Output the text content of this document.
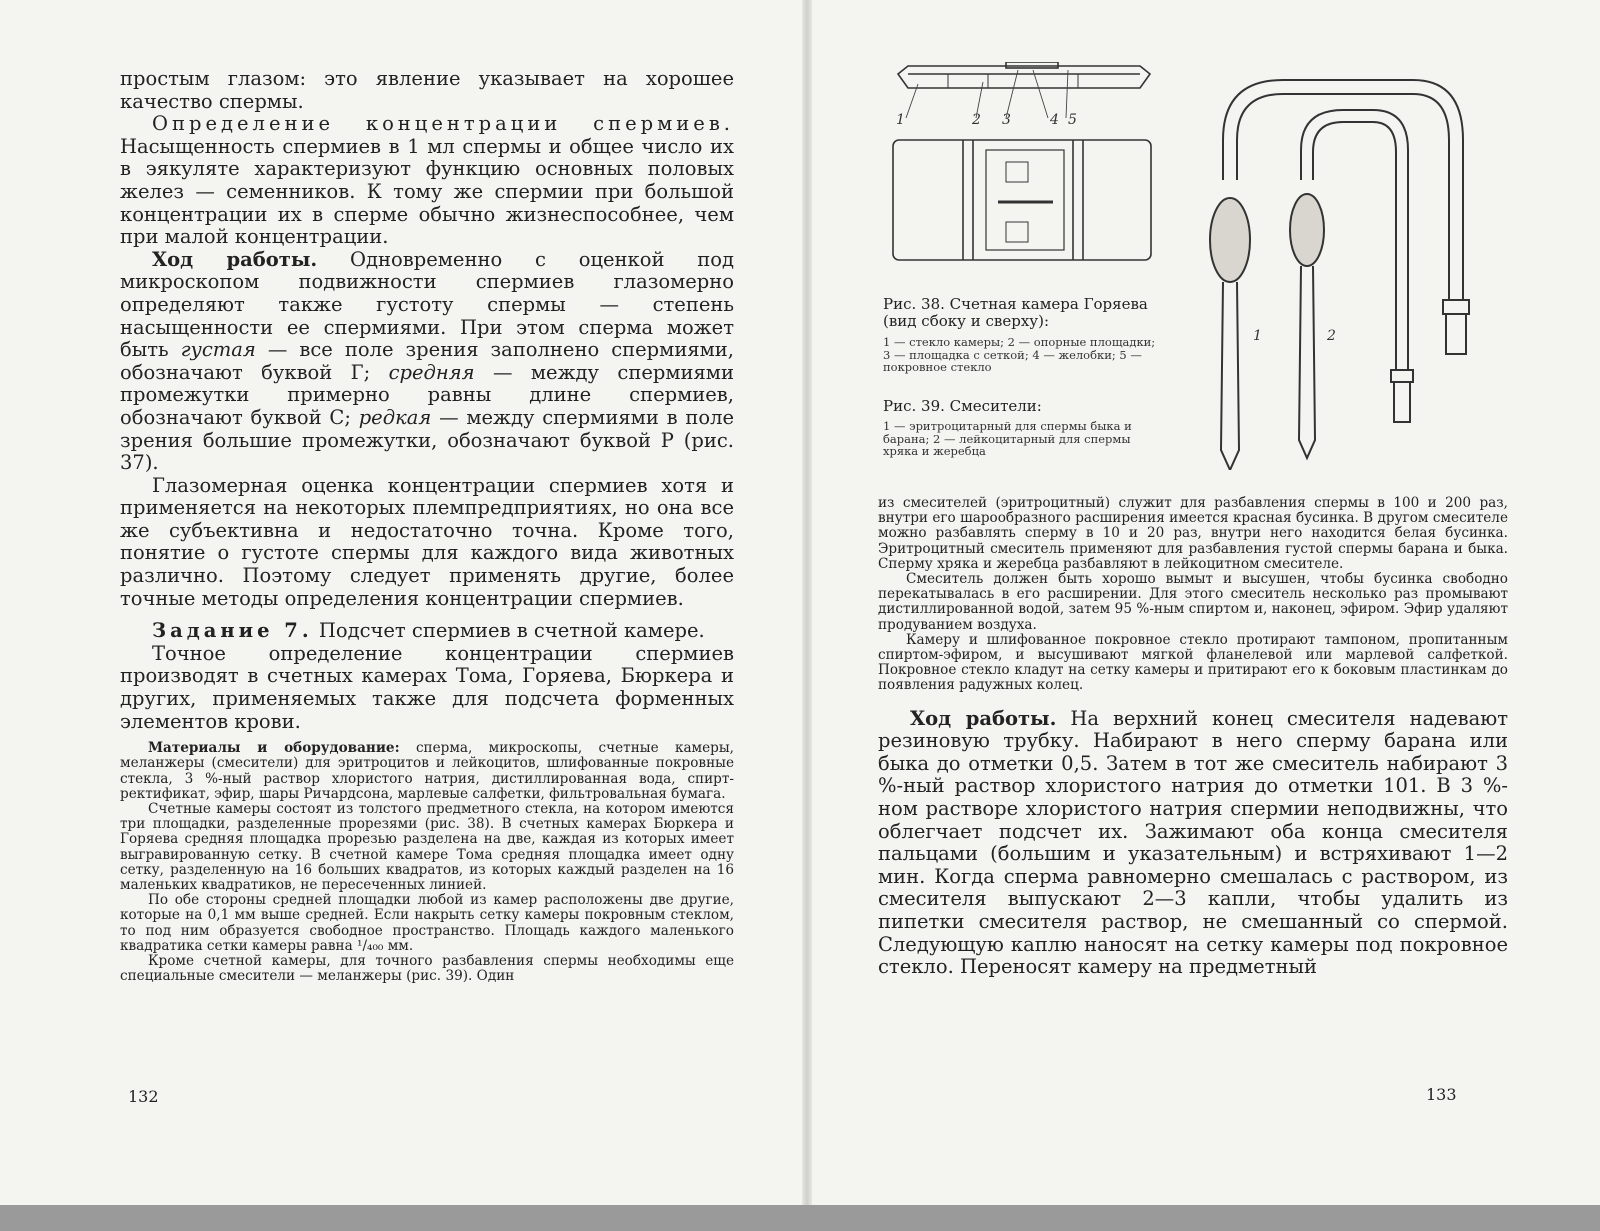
простым глазом: это явление указывает на хорошее качество спермы.

Определение концентрации спермиев. Насыщенность спермиев в 1 мл спермы и общее число их в эякуляте характеризуют функцию основных половых желез — семенников. К тому же спермии при большой концентрации их в сперме обычно жизнеспособнее, чем при малой концентрации.

Ход работы. Одновременно с оценкой под микроскопом подвижности спермиев глазомерно определяют также густоту спермы — степень насыщенности ее спермиями. При этом сперма может быть густая — все поле зрения заполнено спермиями, обозначают буквой Г; средняя — между спермиями промежутки примерно равны длине спермиев, обозначают буквой С; редкая — между спермиями в поле зрения большие промежутки, обозначают буквой Р (рис. 37).

Глазомерная оценка концентрации спермиев хотя и применяется на некоторых племпредприятиях, но она все же субъективна и недостаточно точна. Кроме того, понятие о густоте спермы для каждого вида животных различно. Поэтому следует применять другие, более точные методы определения концентрации спермиев.

Задание 7. Подсчет спермиев в счетной камере.

Точное определение концентрации спермиев производят в счетных камерах Тома, Горяева, Бюркера и других, применяемых также для подсчета форменных элементов крови.

Материалы и оборудование: сперма, микроскопы, счетные камеры, меланжеры (смесители) для эритроцитов и лейкоцитов, шлифованные покровные стекла, 3 %-ный раствор хлористого натрия, дистиллированная вода, спирт-ректификат, эфир, шары Ричардсона, марлевые салфетки, фильтровальная бумага.

Счетные камеры состоят из толстого предметного стекла, на котором имеются три площадки, разделенные прорезями (рис. 38). В счетных камерах Бюркера и Горяева средняя площадка прорезью разделена на две, каждая из которых имеет выгравированную сетку. В счетной камере Тома средняя площадка имеет одну сетку, разделенную на 16 больших квадратов, из которых каждый разделен на 16 маленьких квадратиков, не пересеченных линией.

По обе стороны средней площадки любой из камер расположены две другие, которые на 0,1 мм выше средней. Если накрыть сетку камеры покровным стеклом, то под ним образуется свободное пространство. Площадь каждого маленького квадратика сетки камеры равна ¹/₄₀₀ мм.

Кроме счетной камеры, для точного разбавления спермы необходимы еще специальные смесители — меланжеры (рис. 39). Один

132
1	2 3	4 5
1	2
Рис. 38. Счетная камера Горяева (вид сбоку и сверху):
1 — стекло камеры; 2 — опорные площадки; 3 — площадка с сеткой; 4 — желобки; 5 — покровное стекло
Рис. 39. Смесители:
1 — эритроцитарный для спермы быка и барана; 2 — лейкоцитарный для спермы хряка и жеребца

из смесителей (эритроцитный) служит для разбавления спермы в 100 и 200 раз, внутри его шарообразного расширения имеется красная бусинка. В другом смесителе можно разбавлять сперму в 10 и 20 раз, внутри него находится белая бусинка. Эритроцитный смеситель применяют для разбавления густой спермы барана и быка. Сперму хряка и жеребца разбавляют в лейкоцитном смесителе.

Смеситель должен быть хорошо вымыт и высушен, чтобы бусинка свободно перекатывалась в его расширении. Для этого смеситель несколько раз промывают дистиллированной водой, затем 95 %-ным спиртом и, наконец, эфиром. Эфир удаляют продуванием воздуха.

Камеру и шлифованное покровное стекло протирают тампоном, пропитанным спиртом-эфиром, и высушивают мягкой фланелевой или марлевой салфеткой. Покровное стекло кладут на сетку камеры и притирают его к боковым пластинкам до появления радужных колец.

Ход работы. На верхний конец смесителя надевают резиновую трубку. Набирают в него сперму барана или быка до отметки 0,5. Затем в тот же смеситель набирают 3 %-ный раствор хлористого натрия до отметки 101. В 3 %-ном растворе хлористого натрия спермии неподвижны, что облегчает подсчет их. Зажимают оба конца смесителя пальцами (большим и указательным) и встряхивают 1—2 мин. Когда сперма равномерно смешалась с раствором, из смесителя выпускают 2—3 капли, чтобы удалить из пипетки смесителя раствор, не смешанный со спермой. Следующую каплю наносят на сетку камеры под покровное стекло. Переносят камеру на предметный

133
